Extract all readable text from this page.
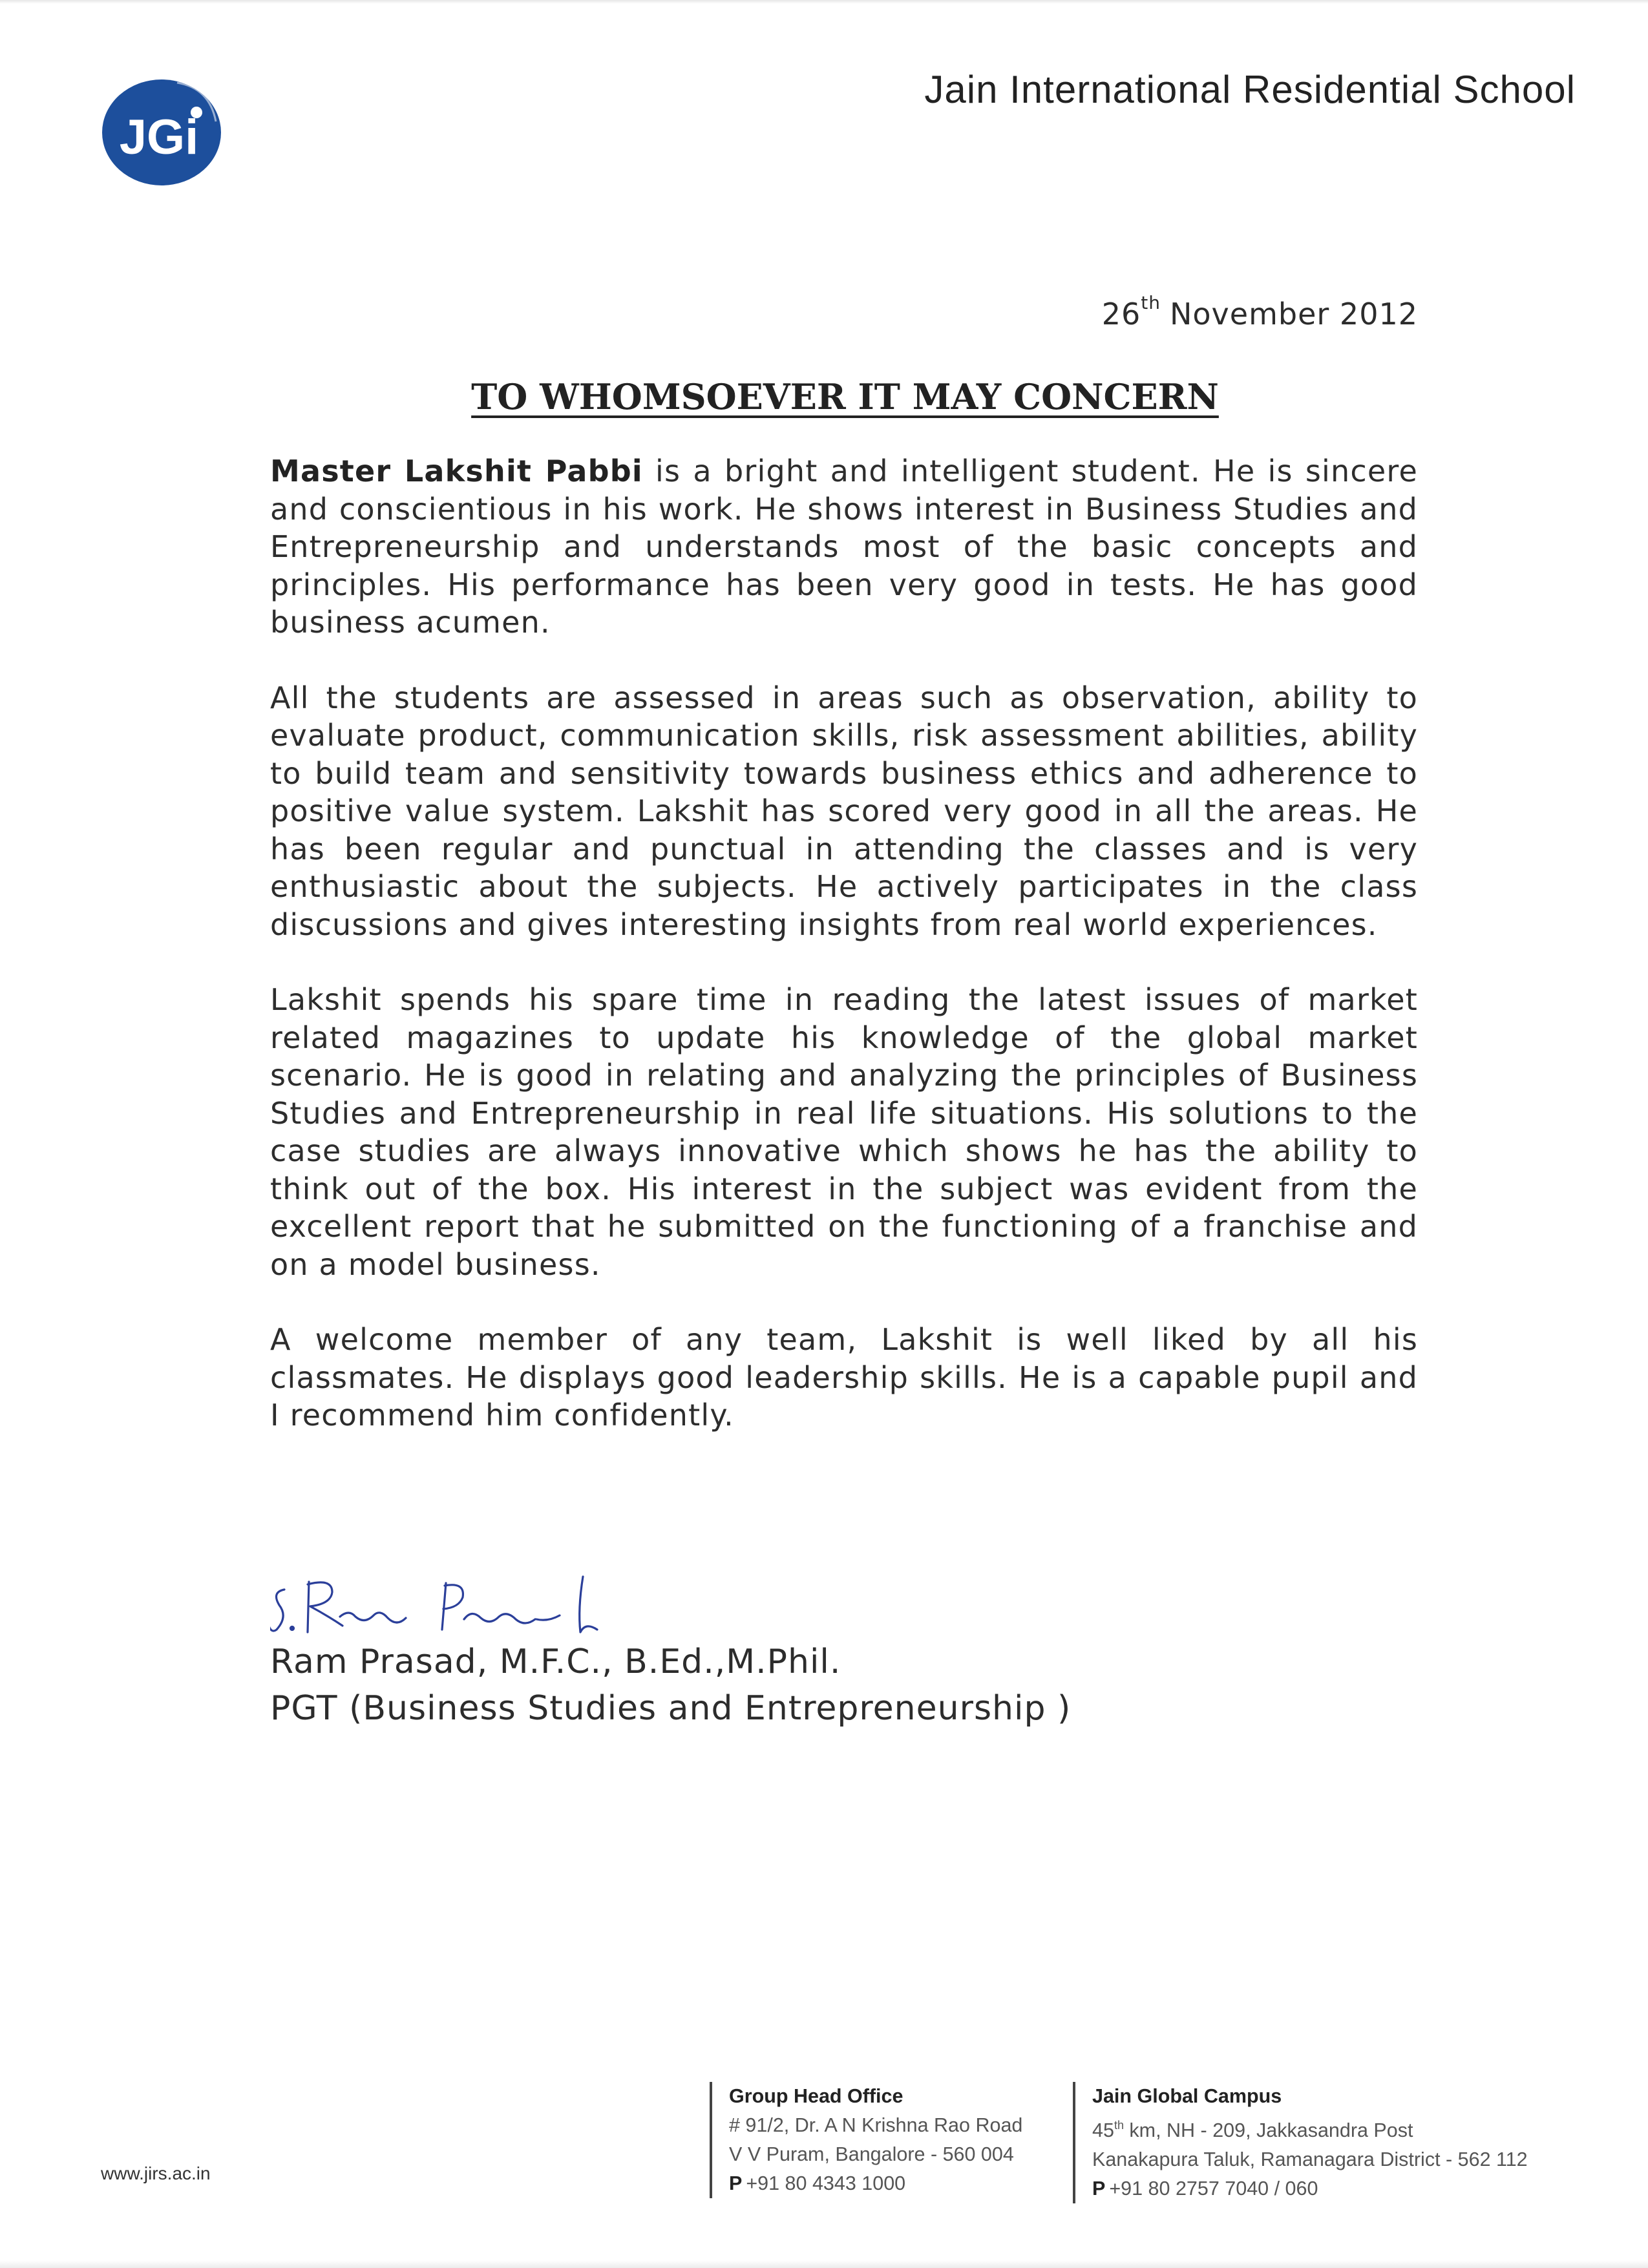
JGi
Jain International Residential School
26th November 2012
TO WHOMSOEVER IT MAY CONCERN

Master Lakshit Pabbi is a bright and intelligent student. He is sincere and conscientious in his work. He shows interest in Business Studies and Entrepreneurship and understands most of the basic concepts and principles. His performance has been very good in tests. He has good business acumen.

All the students are assessed in areas such as observation, ability to evaluate product, communication skills, risk assessment abilities, ability to build team and sensitivity towards business ethics and adherence to positive value system. Lakshit has scored very good in all the areas. He has been regular and punctual in attending the classes and is very enthusiastic about the subjects. He actively participates in the class discussions and gives interesting insights from real world experiences.

Lakshit spends his spare time in reading the latest issues of market related magazines to update his knowledge of the global market scenario. He is good in relating and analyzing the principles of Business Studies and Entrepreneurship in real life situations. His solutions to the case studies are always innovative which shows he has the ability to think out of the box. His interest in the subject was evident from the excellent report that he submitted on the functioning of a franchise and on a model business.

A welcome member of any team, Lakshit is well liked by all his classmates. He displays good leadership skills. He is a capable pupil and I recommend him confidently.

Ram Prasad, M.F.C., B.Ed.,M.Phil.
PGT (Business Studies and Entrepreneurship )
www.jirs.ac.in
Group Head Office
# 91/2, Dr. A N Krishna Rao Road
V V Puram, Bangalore - 560 004
P +91 80 4343 1000
Jain Global Campus
45th km, NH - 209, Jakkasandra Post
Kanakapura Taluk, Ramanagara District - 562 112
P +91 80 2757 7040 / 060
